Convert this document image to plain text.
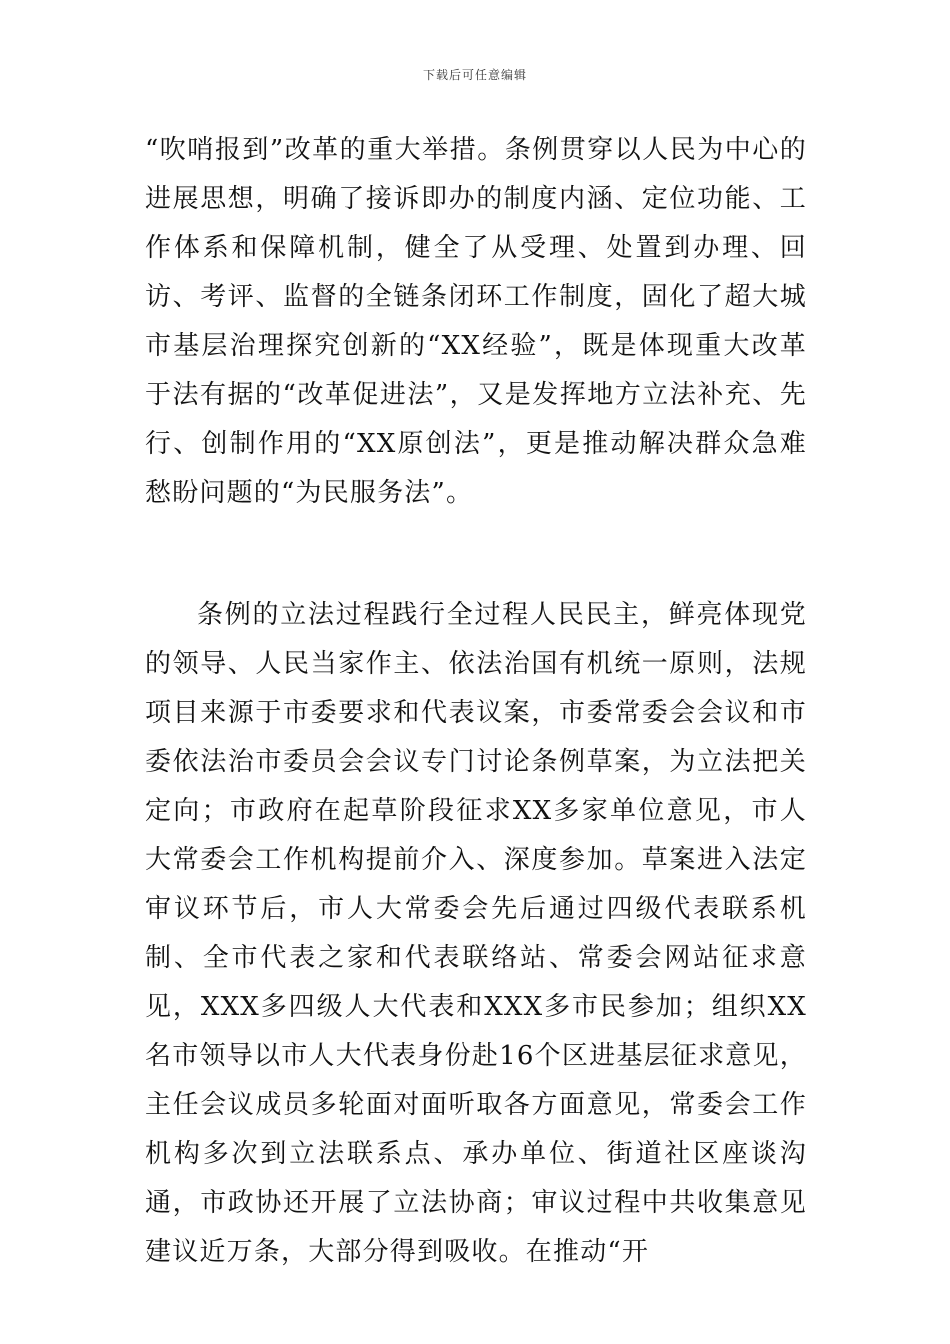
下载后可任意编辑

“吹哨报到”改革的重大举措。条例贯穿以人民为中心的进展思想，明确了接诉即办的制度内涵、定位功能、工作体系和保障机制，健全了从受理、处置到办理、回访、考评、监督的全链条闭环工作制度，固化了超大城市基层治理探究创新的“XX经验”，既是体现重大改革于法有据的“改革促进法”，又是发挥地方立法补充、先行、创制作用的“XX原创法”，更是推动解决群众急难愁盼问题的“为民服务法”。

条例的立法过程践行全过程人民民主，鲜亮体现党的领导、人民当家作主、依法治国有机统一原则，法规项目来源于市委要求和代表议案，市委常委会会议和市委依法治市委员会会议专门讨论条例草案，为立法把关定向；市政府在起草阶段征求XX多家单位意见，市人大常委会工作机构提前介入、深度参加。草案进入法定审议环节后，市人大常委会先后通过四级代表联系机制、全市代表之家和代表联络站、常委会网站征求意见，XXX多四级人大代表和XXX多市民参加；组织XX名市领导以市人大代表身份赴16个区进基层征求意见，主任会议成员多轮面对面听取各方面意见，常委会工作机构多次到立法联系点、承办单位、街道社区座谈沟通，市政协还开展了立法协商；审议过程中共收集意见建议近万条，大部分得到吸收。在推动“开
